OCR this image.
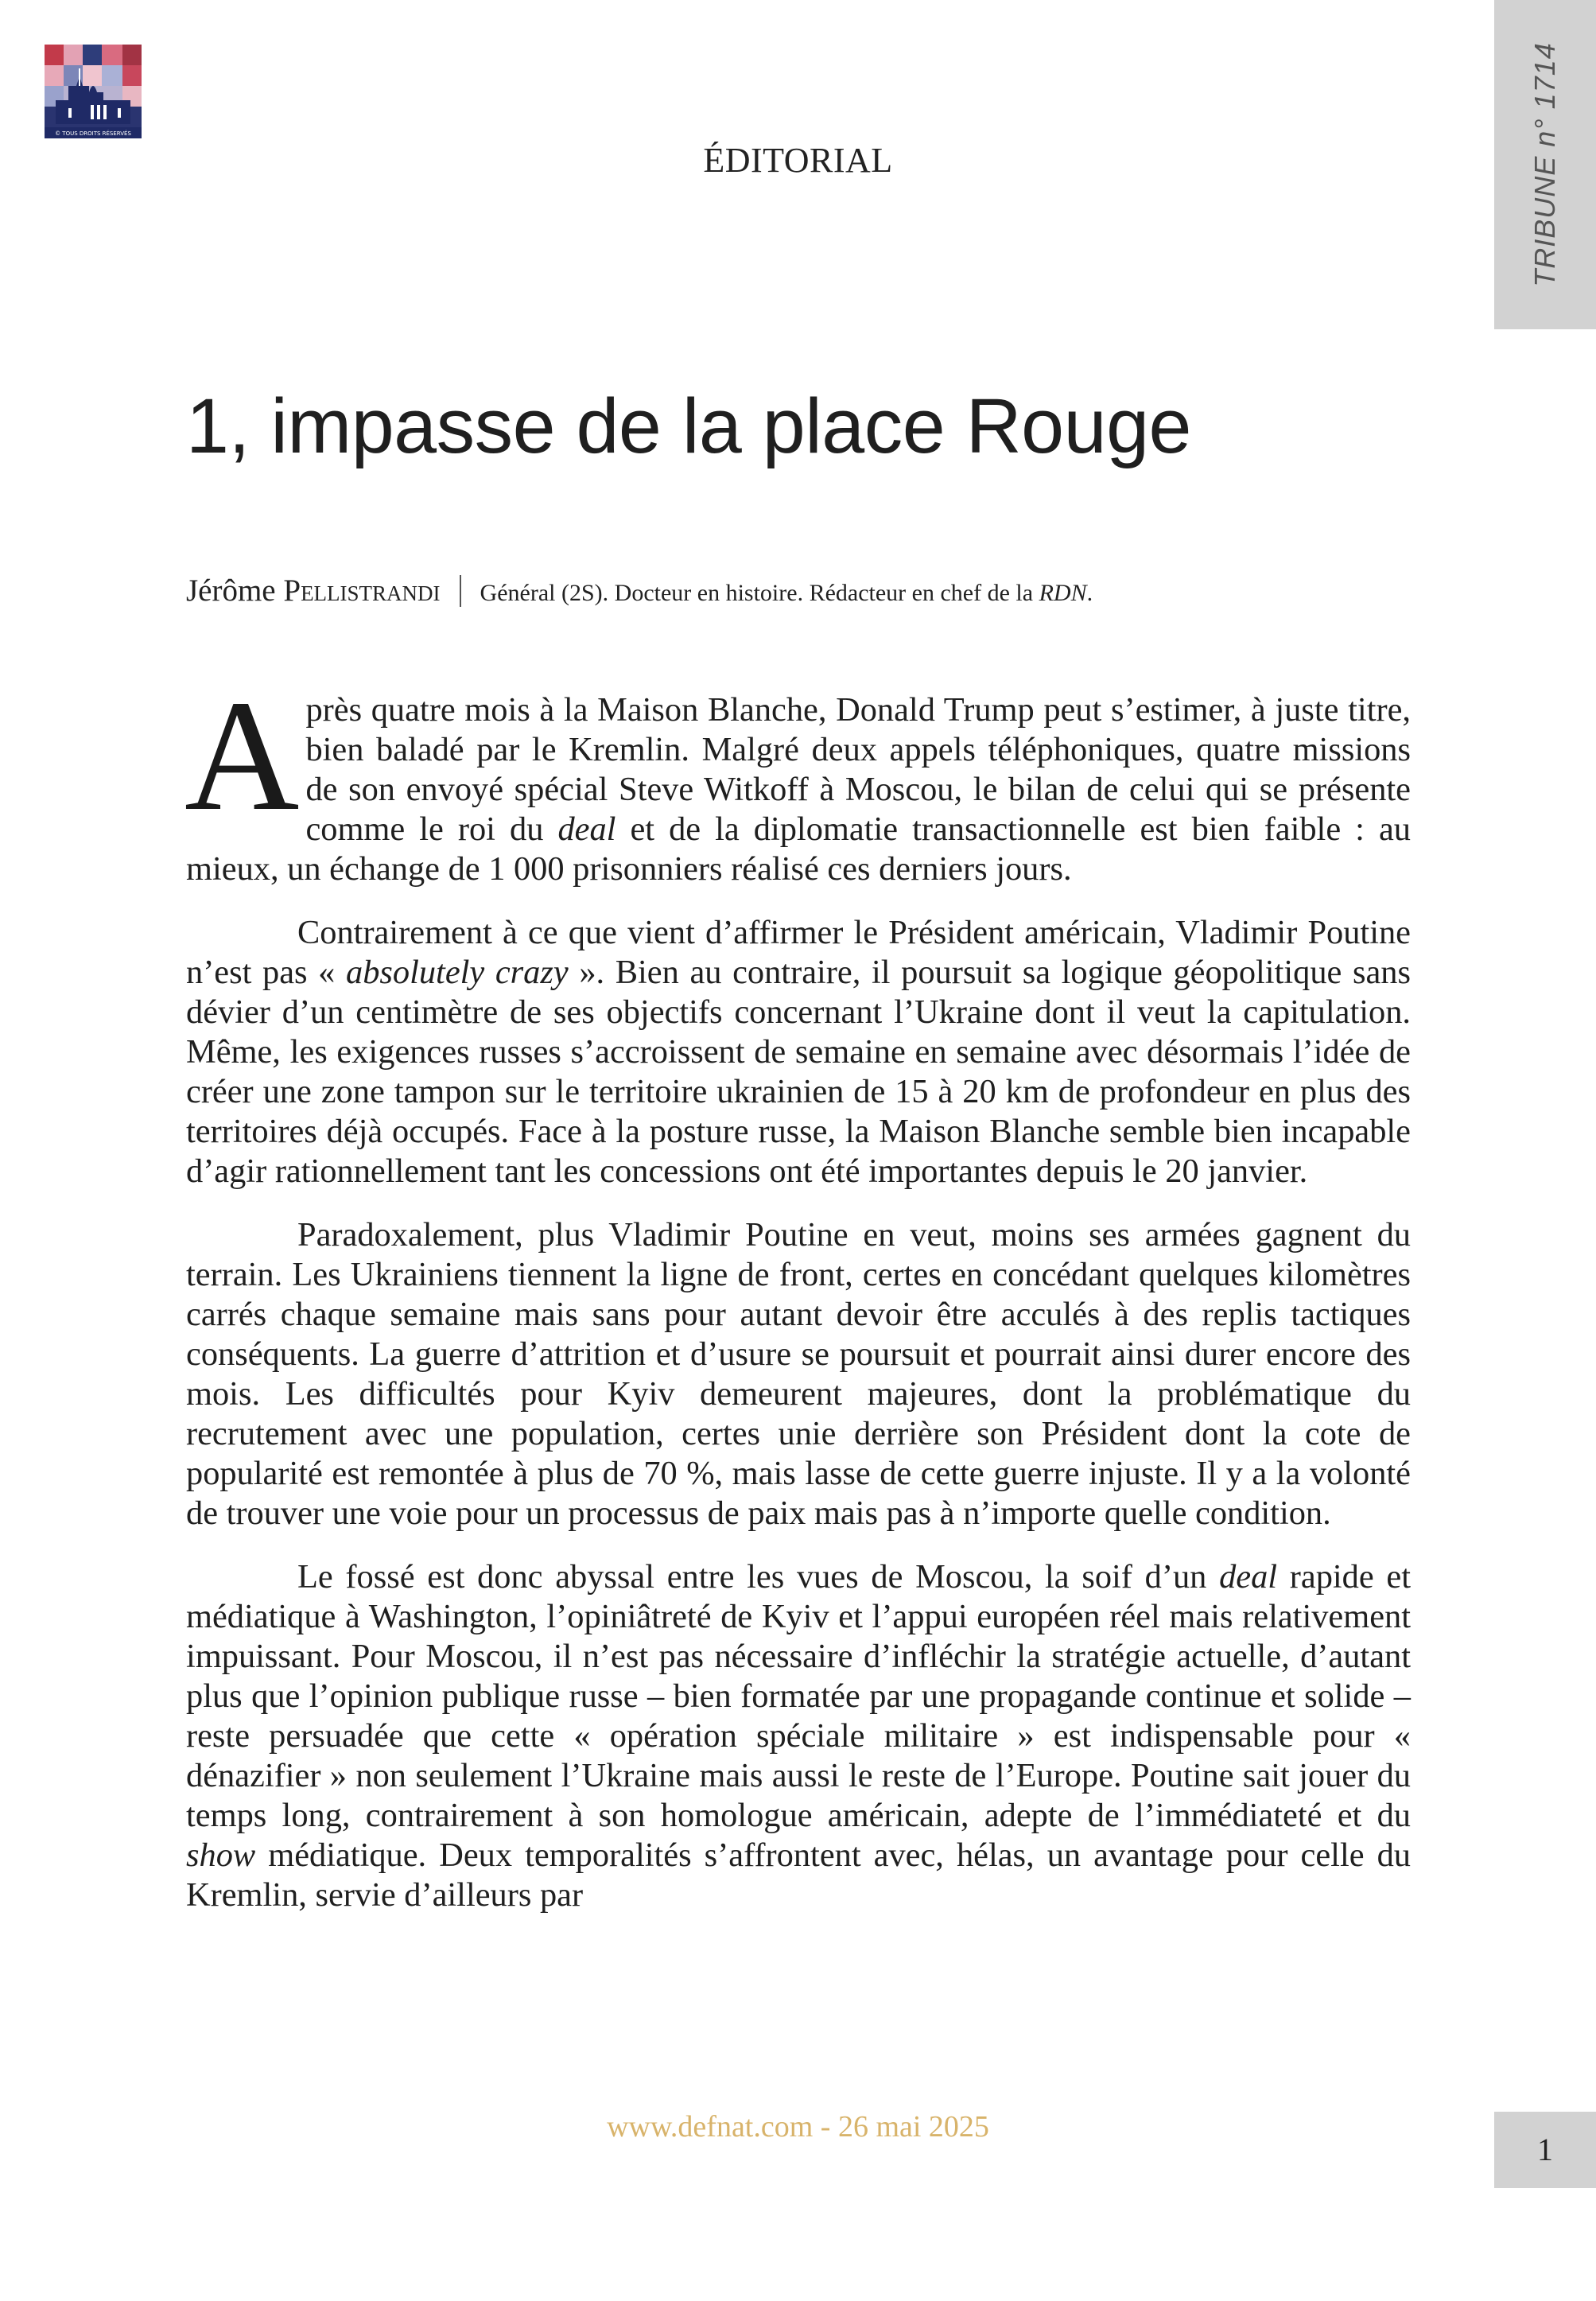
© TOUS DROITS RÉSERVÉS	TRIBUNE n° 1714
ÉDITORIAL
1, impasse de la place Rouge
Jérôme Pellistrandi Général (2S). Docteur en histoire. Rédacteur en chef de la RDN.

Après quatre mois à la Maison Blanche, Donald Trump peut s’estimer, à juste titre, bien baladé par le Kremlin. Malgré deux appels téléphoniques, quatre missions de son envoyé spécial Steve Witkoff à Moscou, le bilan de celui qui se présente comme le roi du deal et de la diplomatie transactionnelle est bien faible : au mieux, un échange de 1 000 prisonniers réalisé ces derniers jours.

Contrairement à ce que vient d’affirmer le Président américain, Vladimir Poutine n’est pas « absolutely crazy ». Bien au contraire, il poursuit sa logique géopolitique sans dévier d’un centimètre de ses objectifs concernant l’Ukraine dont il veut la capitulation. Même, les exigences russes s’accroissent de semaine en semaine avec désormais l’idée de créer une zone tampon sur le territoire ukrainien de 15 à 20 km de profondeur en plus des territoires déjà occupés. Face à la posture russe, la Maison Blanche semble bien incapable d’agir rationnellement tant les concessions ont été importantes depuis le 20 janvier.

Paradoxalement, plus Vladimir Poutine en veut, moins ses armées gagnent du terrain. Les Ukrainiens tiennent la ligne de front, certes en concédant quelques kilomètres carrés chaque semaine mais sans pour autant devoir être acculés à des replis tactiques conséquents. La guerre d’attrition et d’usure se poursuit et pourrait ainsi durer encore des mois. Les difficultés pour Kyiv demeurent majeures, dont la problématique du recrutement avec une population, certes unie derrière son Président dont la cote de popularité est remontée à plus de 70 %, mais lasse de cette guerre injuste. Il y a la volonté de trouver une voie pour un processus de paix mais pas à n’importe quelle condition.

Le fossé est donc abyssal entre les vues de Moscou, la soif d’un deal rapide et médiatique à Washington, l’opiniâtreté de Kyiv et l’appui européen réel mais relativement impuissant. Pour Moscou, il n’est pas nécessaire d’infléchir la stratégie actuelle, d’autant plus que l’opinion publique russe – bien formatée par une propagande continue et solide – reste persuadée que cette « opération spéciale militaire » est indispensable pour « dénazifier » non seulement l’Ukraine mais aussi le reste de l’Europe. Poutine sait jouer du temps long, contrairement à son homologue américain, adepte de l’immédiateté et du show médiatique. Deux temporalités s’affrontent avec, hélas, un avantage pour celle du Kremlin, servie d’ailleurs par

www.defnat.com - 26 mai 2025
1
